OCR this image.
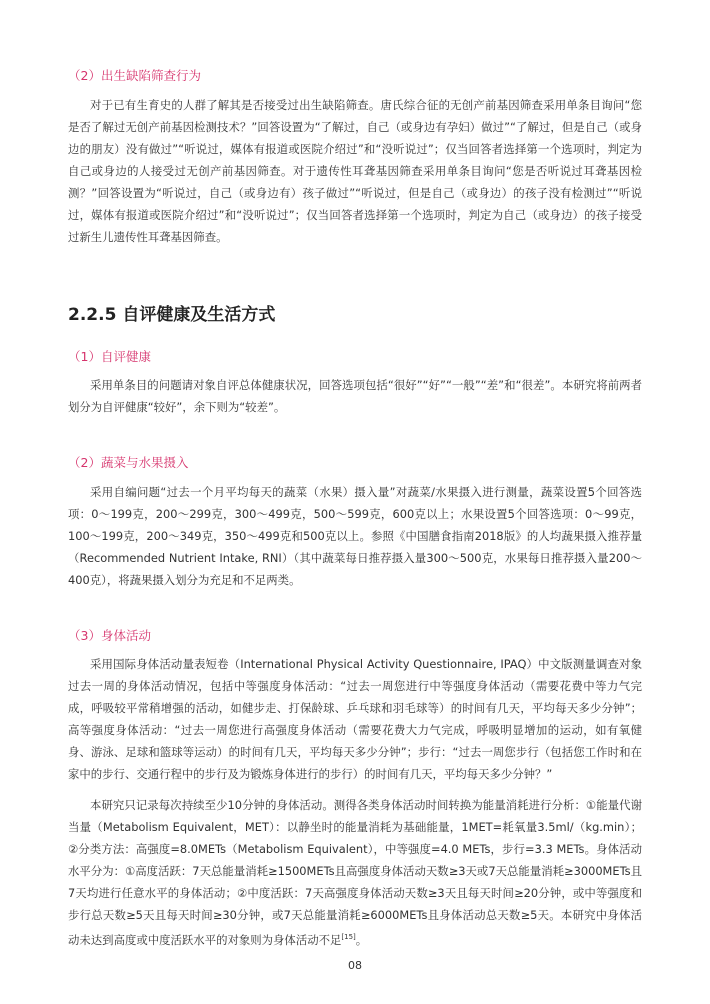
（2）出生缺陷筛查行为

对于已有生育史的人群了解其是否接受过出生缺陷筛查。唐氏综合征的无创产前基因筛查采用单条目询问“您是否了解过无创产前基因检测技术？”回答设置为“了解过，自己（或身边有孕妇）做过”“了解过，但是自己（或身边的朋友）没有做过”“听说过，媒体有报道或医院介绍过”和“没听说过”；仅当回答者选择第一个选项时，判定为自己或身边的人接受过无创产前基因筛查。对于遗传性耳聋基因筛查采用单条目询问“您是否听说过耳聋基因检测？”回答设置为“听说过，自己（或身边有）孩子做过”“听说过，但是自己（或身边）的孩子没有检测过”“听说过，媒体有报道或医院介绍过”和“没听说过”；仅当回答者选择第一个选项时，判定为自己（或身边）的孩子接受过新生儿遗传性耳聋基因筛查。

2.2.5 自评健康及生活方式
（1）自评健康

采用单条目的问题请对象自评总体健康状况，回答选项包括“很好”“好”“一般”“差”和“很差”。本研究将前两者划分为自评健康“较好”，余下则为“较差”。

（2）蔬菜与水果摄入

采用自编问题“过去一个月平均每天的蔬菜（水果）摄入量”对蔬菜/水果摄入进行测量，蔬菜设置5个回答选项：0～199克，200～299克，300～499克，500～599克，600克以上；水果设置5个回答选项：0～99克，100～199克，200～349克，350～499克和500克以上。参照《中国膳食指南2018版》的人均蔬果摄入推荐量（Recommended Nutrient Intake, RNI）（其中蔬菜每日推荐摄入量300～500克，水果每日推荐摄入量200～400克），将蔬果摄入划分为充足和不足两类。

（3）身体活动

采用国际身体活动量表短卷（International Physical Activity Questionnaire, IPAQ）中文版测量调查对象过去一周的身体活动情况，包括中等强度身体活动：“过去一周您进行中等强度身体活动（需要花费中等力气完成，呼吸较平常稍增强的活动，如健步走、打保龄球、乒乓球和羽毛球等）的时间有几天，平均每天多少分钟”；高等强度身体活动：“过去一周您进行高强度身体活动（需要花费大力气完成，呼吸明显增加的运动，如有氧健身、游泳、足球和篮球等运动）的时间有几天，平均每天多少分钟”；步行：“过去一周您步行（包括您工作时和在家中的步行、交通行程中的步行及为锻炼身体进行的步行）的时间有几天，平均每天多少分钟？”

本研究只记录每次持续至少10分钟的身体活动。测得各类身体活动时间转换为能量消耗进行分析：①能量代谢当量（Metabolism Equivalent，MET）：以静坐时的能量消耗为基础能量，1MET=耗氧量3.5ml/（kg.min）；②分类方法：高强度=8.0METs（Metabolism Equivalent），中等强度=4.0 METs，步行=3.3 METs。身体活动水平分为：①高度活跃：7天总能量消耗≥1500METs且高强度身体活动天数≥3天或7天总能量消耗≥3000METs且7天均进行任意水平的身体活动；②中度活跃：7天高强度身体活动天数≥3天且每天时间≥20分钟，或中等强度和步行总天数≥5天且每天时间≥30分钟，或7天总能量消耗≥6000METs且身体活动总天数≥5天。本研究中身体活动未达到高度或中度活跃水平的对象则为身体活动不足[15]。

08
